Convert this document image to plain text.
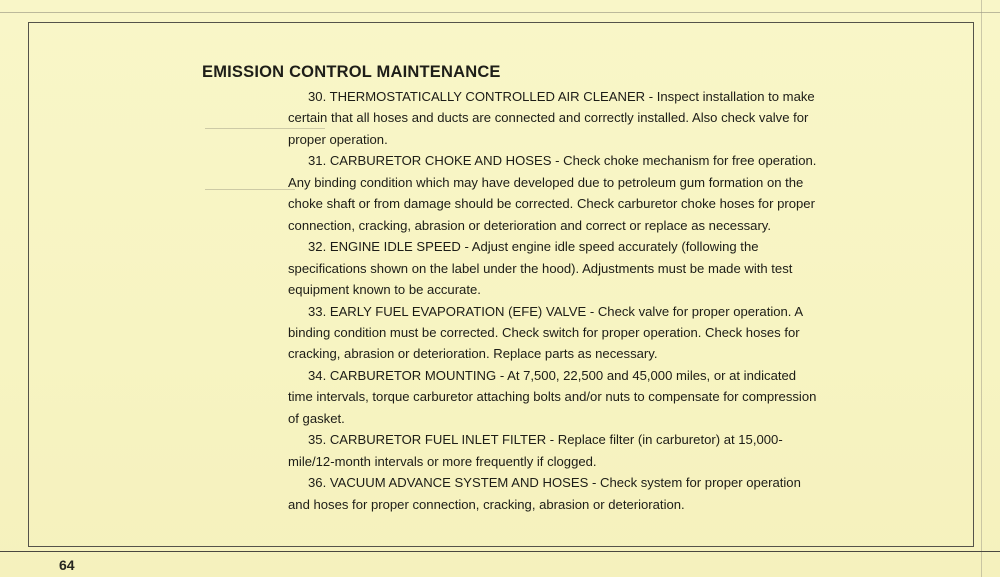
EMISSION CONTROL MAINTENANCE

30. THERMOSTATICALLY CONTROLLED AIR CLEANER - Inspect installation to make certain that all hoses and ducts are connected and correctly installed. Also check valve for proper operation.

31. CARBURETOR CHOKE AND HOSES - Check choke mechanism for free operation. Any binding condition which may have developed due to petroleum gum formation on the choke shaft or from damage should be corrected. Check carburetor choke hoses for proper connection, cracking, abrasion or deterioration and correct or replace as necessary.

32. ENGINE IDLE SPEED - Adjust engine idle speed accurately (following the specifications shown on the label under the hood). Adjustments must be made with test equipment known to be accurate.

33. EARLY FUEL EVAPORATION (EFE) VALVE - Check valve for proper operation. A binding condition must be corrected. Check switch for proper operation. Check hoses for cracking, abrasion or deterioration. Replace parts as necessary.

34. CARBURETOR MOUNTING - At 7,500, 22,500 and 45,000 miles, or at indicated time intervals, torque carburetor attaching bolts and/or nuts to compensate for compression of gasket.

35. CARBURETOR FUEL INLET FILTER - Replace filter (in carburetor) at 15,000-mile/12-month intervals or more frequently if clogged.

36. VACUUM ADVANCE SYSTEM AND HOSES - Check system for proper operation and hoses for proper connection, cracking, abrasion or deterioration.

64
